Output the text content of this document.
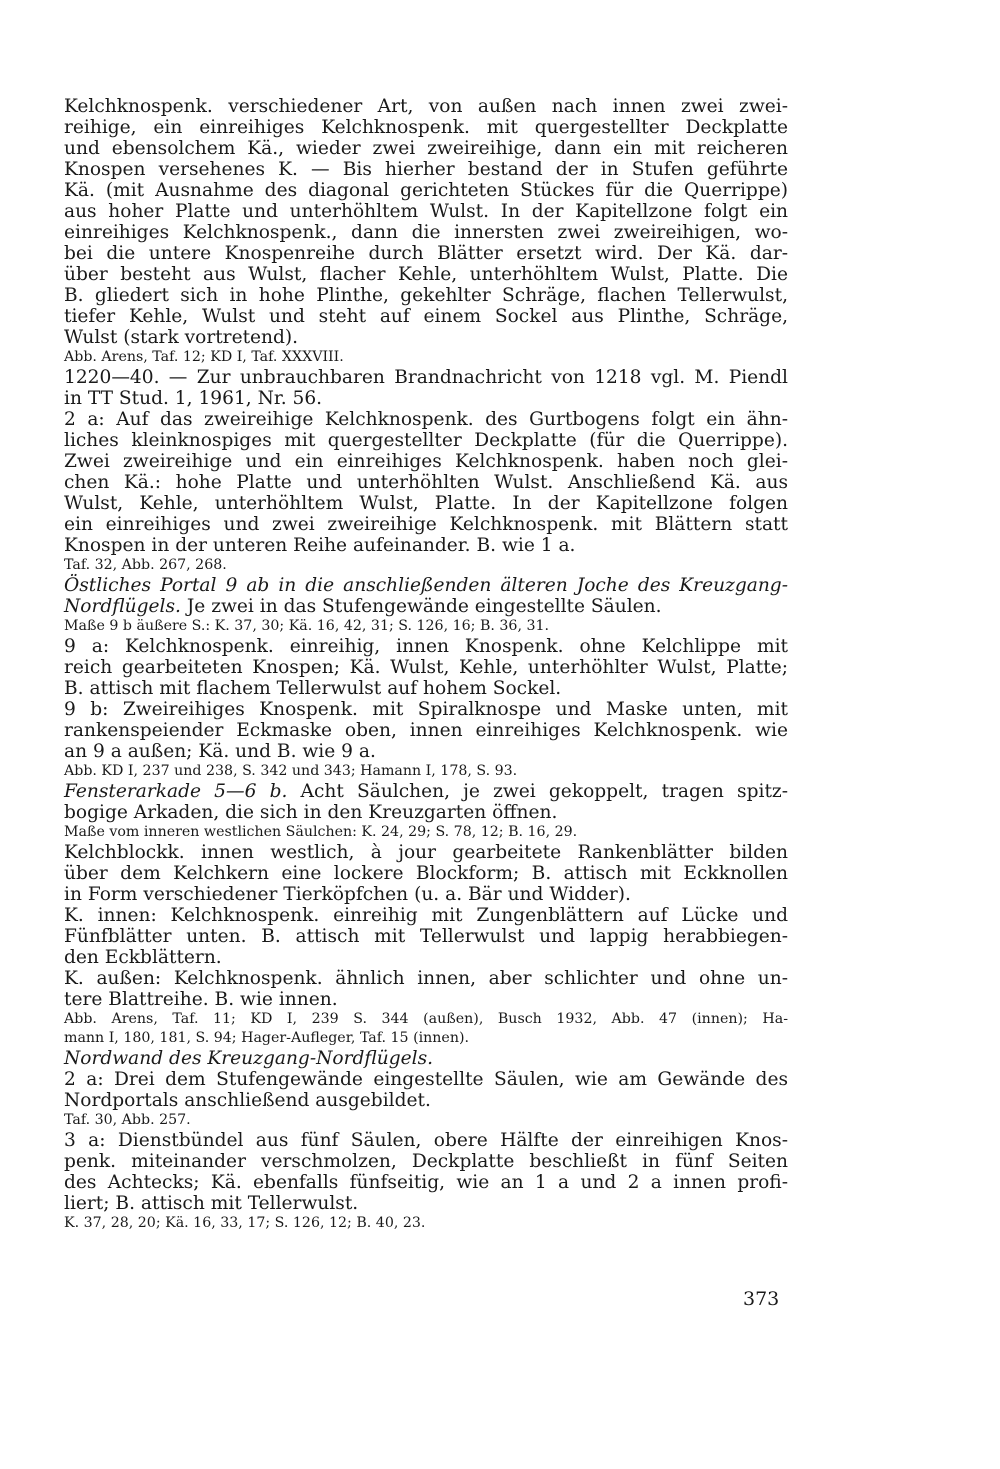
Kelchknospenk. verschiedener Art, von außen nach innen zwei zwei-
reihige, ein einreihiges Kelchknospenk. mit quergestellter Deckplatte
und ebensolchem Kä., wieder zwei zweireihige, dann ein mit reicheren
Knospen versehenes K. — Bis hierher bestand der in Stufen geführte
Kä. (mit Ausnahme des diagonal gerichteten Stückes für die Querrippe)
aus hoher Platte und unterhöhltem Wulst. In der Kapitellzone folgt ein
einreihiges Kelchknospenk., dann die innersten zwei zweireihigen, wo-
bei die untere Knospenreihe durch Blätter ersetzt wird. Der Kä. dar-
über besteht aus Wulst, flacher Kehle, unterhöhltem Wulst, Platte. Die
B. gliedert sich in hohe Plinthe, gekehlter Schräge, flachen Tellerwulst,
tiefer Kehle, Wulst und steht auf einem Sockel aus Plinthe, Schräge,
Wulst (stark vortretend).
Abb. Arens, Taf. 12; KD I, Taf. XXXVIII.
1220—40. — Zur unbrauchbaren Brandnachricht von 1218 vgl. M. Piendl
in TT Stud. 1, 1961, Nr. 56.
2 a: Auf das zweireihige Kelchknospenk. des Gurtbogens folgt ein ähn-
liches kleinknospiges mit quergestellter Deckplatte (für die Querrippe).
Zwei zweireihige und ein einreihiges Kelchknospenk. haben noch glei-
chen Kä.: hohe Platte und unterhöhlten Wulst. Anschließend Kä. aus
Wulst, Kehle, unterhöhltem Wulst, Platte. In der Kapitellzone folgen
ein einreihiges und zwei zweireihige Kelchknospenk. mit Blättern statt
Knospen in der unteren Reihe aufeinander. B. wie 1 a.
Taf. 32, Abb. 267, 268.
Östliches Portal 9 ab in die anschließenden älteren Joche des Kreuzgang-
Nordflügels. Je zwei in das Stufengewände eingestellte Säulen.
Maße 9 b äußere S.: K. 37, 30; Kä. 16, 42, 31; S. 126, 16; B. 36, 31.
9 a: Kelchknospenk. einreihig, innen Knospenk. ohne Kelchlippe mit
reich gearbeiteten Knospen; Kä. Wulst, Kehle, unterhöhlter Wulst, Platte;
B. attisch mit flachem Tellerwulst auf hohem Sockel.
9 b: Zweireihiges Knospenk. mit Spiralknospe und Maske unten, mit
rankenspeiender Eckmaske oben, innen einreihiges Kelchknospenk. wie
an 9 a außen; Kä. und B. wie 9 a.
Abb. KD I, 237 und 238, S. 342 und 343; Hamann I, 178, S. 93.
Fensterarkade 5—6 b. Acht Säulchen, je zwei gekoppelt, tragen spitz-
bogige Arkaden, die sich in den Kreuzgarten öffnen.
Maße vom inneren westlichen Säulchen: K. 24, 29; S. 78, 12; B. 16, 29.
Kelchblockk. innen westlich, à jour gearbeitete Rankenblätter bilden
über dem Kelchkern eine lockere Blockform; B. attisch mit Eckknollen
in Form verschiedener Tierköpfchen (u. a. Bär und Widder).
K. innen: Kelchknospenk. einreihig mit Zungenblättern auf Lücke und
Fünfblätter unten. B. attisch mit Tellerwulst und lappig herabbiegen-
den Eckblättern.
K. außen: Kelchknospenk. ähnlich innen, aber schlichter und ohne un-
tere Blattreihe. B. wie innen.
Abb. Arens, Taf. 11; KD I, 239 S. 344 (außen), Busch 1932, Abb. 47 (innen); Ha-
mann I, 180, 181, S. 94; Hager-Aufleger, Taf. 15 (innen).
Nordwand des Kreuzgang-Nordflügels.
2 a: Drei dem Stufengewände eingestellte Säulen, wie am Gewände des
Nordportals anschließend ausgebildet.
Taf. 30, Abb. 257.
3 a: Dienstbündel aus fünf Säulen, obere Hälfte der einreihigen Knos-
penk. miteinander verschmolzen, Deckplatte beschließt in fünf Seiten
des Achtecks; Kä. ebenfalls fünfseitig, wie an 1 a und 2 a innen profi-
liert; B. attisch mit Tellerwulst.
K. 37, 28, 20; Kä. 16, 33, 17; S. 126, 12; B. 40, 23.
373
